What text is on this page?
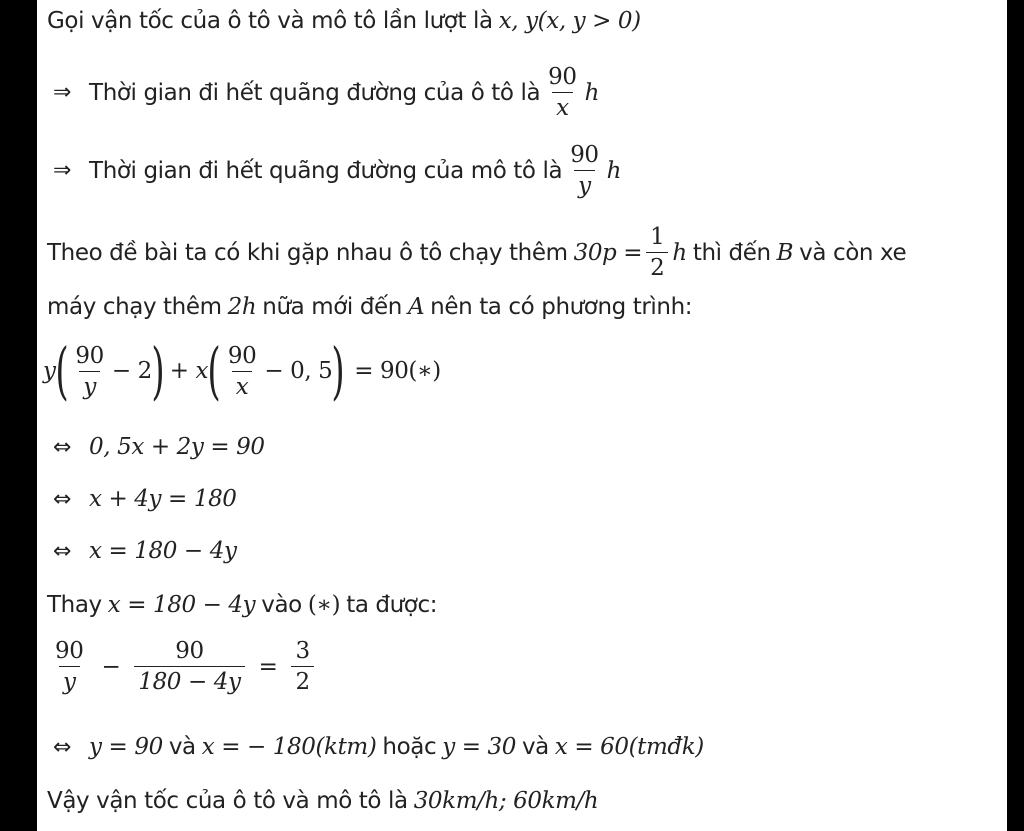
Gọi vận tốc của ô tô và mô tô lần lượt là x, y(x, y > 0)
⇒ Thời gian đi hết quãng đường của ô tô là $\frac{90}{x}$ h
⇒ Thời gian đi hết quãng đường của mô tô là $\frac{90}{y}$ h
Theo đề bài ta có khi gặp nhau ô tô chạy thêm $30p = \frac{1}{2}$ h thì đến B và còn xe
máy chạy thêm 2h nữa mới đến A nên ta có phương trình:
y ( $\frac{90}{y} - 2$ ) + x ( $\frac{90}{x} - 0$, 5 ) = 90(∗)
⇔ 0, 5x + 2y = 90
⇔ x + 4y = 180
⇔ x = 180 − 4y
Thay x = 180 − 4y vào (∗) ta được:
$\frac{90}{y} - \frac{90}{180 - 4y} = \frac{3}{2}$
⇔ y = 90 và x = − 180(ktm) hoặc y = 30 và x = 60(tmđk)
Vậy vận tốc của ô tô và mô tô là 30km/h; 60km/h
